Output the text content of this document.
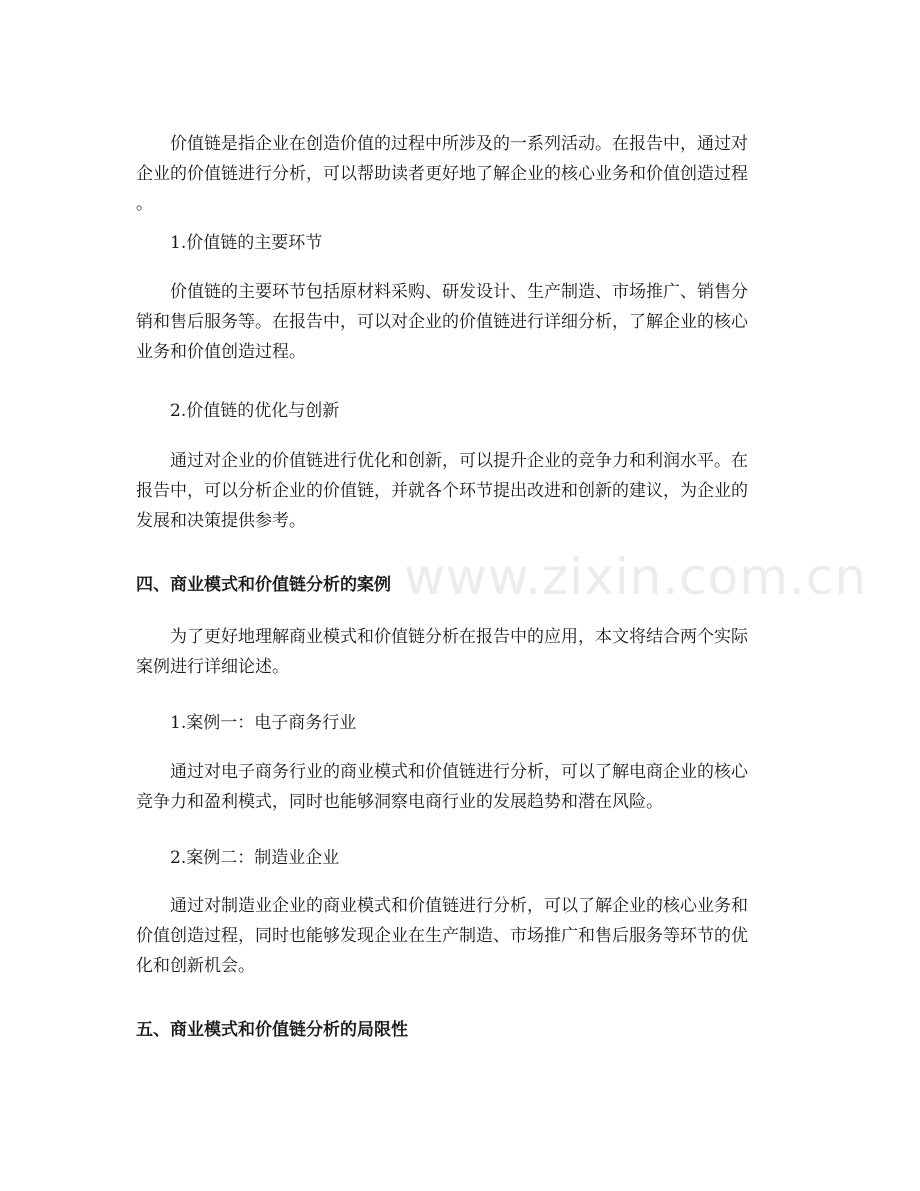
www.zixin.com.cn
价值链是指企业在创造价值的过程中所涉及的一系列活动。在报告中，通过对
企业的价值链进行分析，可以帮助读者更好地了解企业的核心业务和价值创造过程
。
1.价值链的主要环节
价值链的主要环节包括原材料采购、研发设计、生产制造、市场推广、销售分
销和售后服务等。在报告中，可以对企业的价值链进行详细分析，了解企业的核心
业务和价值创造过程。
2.价值链的优化与创新
通过对企业的价值链进行优化和创新，可以提升企业的竞争力和利润水平。在
报告中，可以分析企业的价值链，并就各个环节提出改进和创新的建议，为企业的
发展和决策提供参考。
四、商业模式和价值链分析的案例
为了更好地理解商业模式和价值链分析在报告中的应用，本文将结合两个实际
案例进行详细论述。
1.案例一：电子商务行业
通过对电子商务行业的商业模式和价值链进行分析，可以了解电商企业的核心
竞争力和盈利模式，同时也能够洞察电商行业的发展趋势和潜在风险。
2.案例二：制造业企业
通过对制造业企业的商业模式和价值链进行分析，可以了解企业的核心业务和
价值创造过程，同时也能够发现企业在生产制造、市场推广和售后服务等环节的优
化和创新机会。
五、商业模式和价值链分析的局限性
